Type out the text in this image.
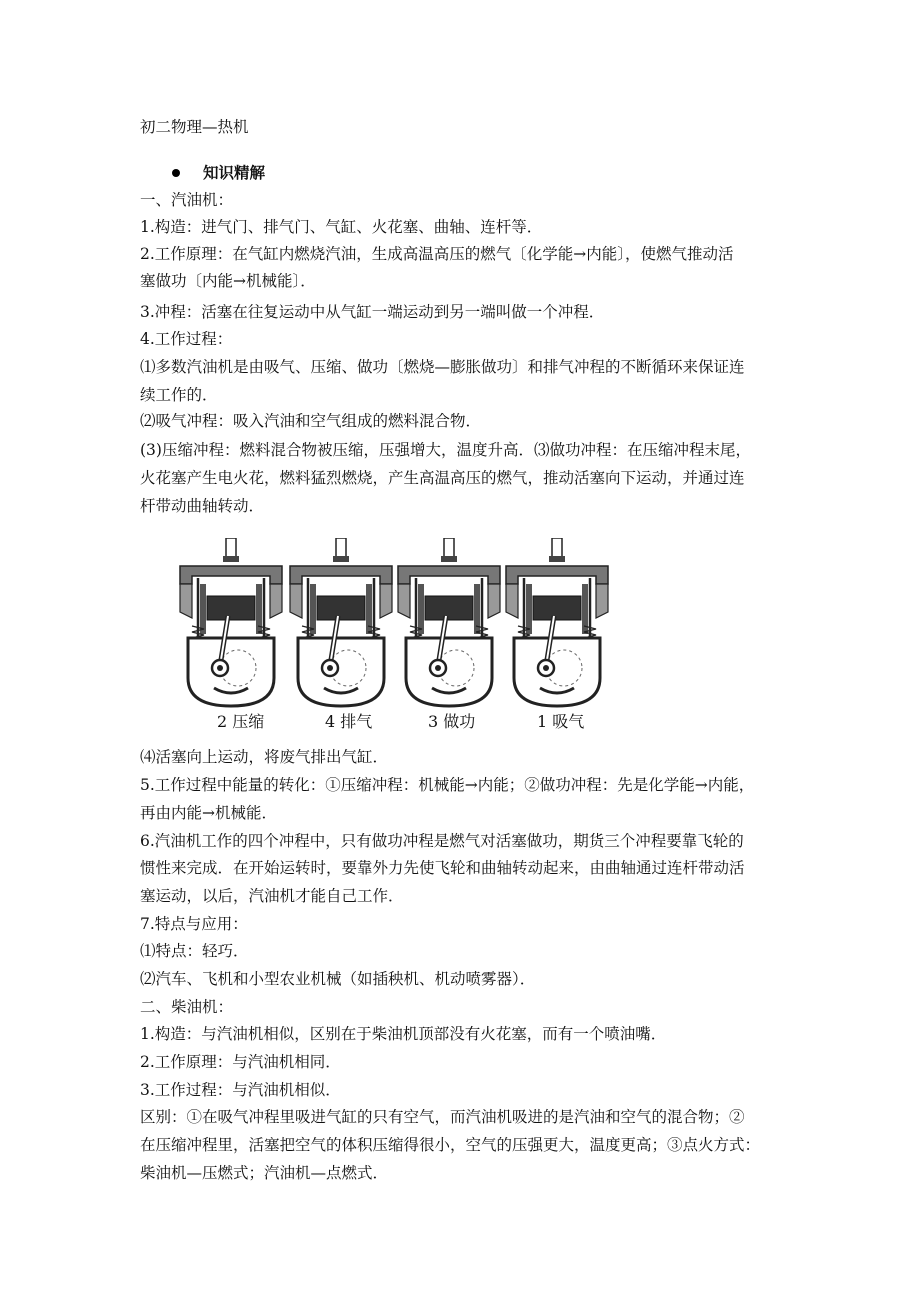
初二物理—热机
知识精解
一、汽油机：
1.构造：进气门、排气门、气缸、火花塞、曲轴、连杆等．
2.工作原理：在气缸内燃烧汽油，生成高温高压的燃气〔化学能→内能〕，使燃气推动活
塞做功〔内能→机械能〕．
3.冲程：活塞在往复运动中从气缸一端运动到另一端叫做一个冲程．
4.工作过程：
⑴多数汽油机是由吸气、压缩、做功〔燃烧—膨胀做功〕和排气冲程的不断循环来保证连
续工作的．
⑵吸气冲程：吸入汽油和空气组成的燃料混合物．
(3)压缩冲程：燃料混合物被压缩，压强增大，温度升高．⑶做功冲程：在压缩冲程末尾，
火花塞产生电火花，燃料猛烈燃烧，产生高温高压的燃气，推动活塞向下运动，并通过连
杆带动曲轴转动．
2 压缩	4 排气	3 做功	1 吸气
⑷活塞向上运动，将废气排出气缸．
5.工作过程中能量的转化：①压缩冲程：机械能→内能；②做功冲程：先是化学能→内能，
再由内能→机械能．
6.汽油机工作的四个冲程中，只有做功冲程是燃气对活塞做功，期货三个冲程要靠飞轮的
惯性来完成．在开始运转时，要靠外力先使飞轮和曲轴转动起来，由曲轴通过连杆带动活
塞运动，以后，汽油机才能自己工作．
7.特点与应用：
⑴特点：轻巧．
⑵汽车、飞机和小型农业机械（如插秧机、机动喷雾器）．
二、柴油机：
1.构造：与汽油机相似，区别在于柴油机顶部没有火花塞，而有一个喷油嘴．
2.工作原理：与汽油机相同．
3.工作过程：与汽油机相似．
区别：①在吸气冲程里吸进气缸的只有空气，而汽油机吸进的是汽油和空气的混合物；②
在压缩冲程里，活塞把空气的体积压缩得很小，空气的压强更大，温度更高；③点火方式：
柴油机—压燃式；汽油机—点燃式．
